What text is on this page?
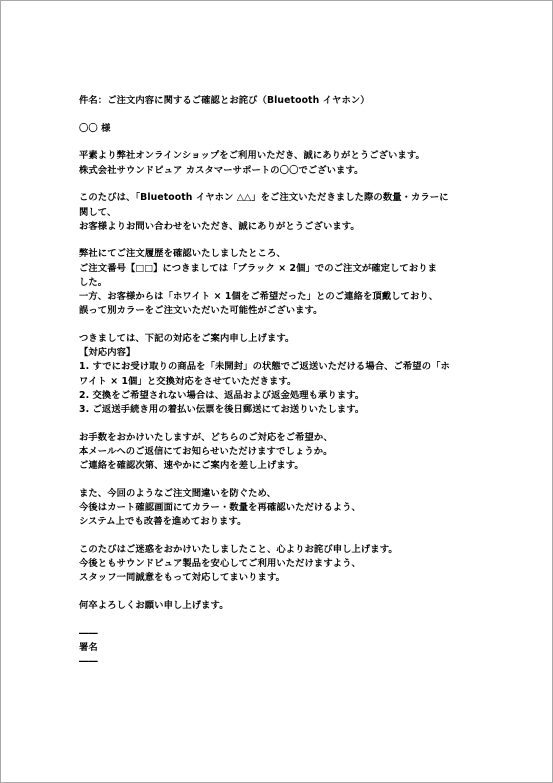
件名：ご注文内容に関するご確認とお詫び（Bluetooth イヤホン）
〇〇 様
平素より弊社オンラインショップをご利用いただき、誠にありがとうございます。
株式会社サウンドピュア カスタマーサポートの〇〇でございます。
このたびは、「Bluetooth イヤホン △△」をご注文いただきました際の数量・カラーに
関して、
お客様よりお問い合わせをいただき、誠にありがとうございます。
弊社にてご注文履歴を確認いたしましたところ、
ご注文番号【□□】につきましては「ブラック × 2個」でのご注文が確定しておりま
した。
一方、お客様からは「ホワイト × 1個をご希望だった」とのご連絡を頂戴しており、
誤って別カラーをご注文いただいた可能性がございます。
つきましては、下記の対応をご案内申し上げます。
【対応内容】
1. すでにお受け取りの商品を「未開封」の状態でご返送いただける場合、ご希望の「ホ
ワイト × 1個」と交換対応をさせていただきます。
2. 交換をご希望されない場合は、返品および返金処理も承ります。
3. ご返送手続き用の着払い伝票を後日郵送にてお送りいたします。
お手数をおかけいたしますが、どちらのご対応をご希望か、
本メールへのご返信にてお知らせいただけますでしょうか。
ご連絡を確認次第、速やかにご案内を差し上げます。
また、今回のようなご注文間違いを防ぐため、
今後はカート確認画面にてカラー・数量を再確認いただけるよう、
システム上でも改善を進めております。
このたびはご迷惑をおかけいたしましたこと、心よりお詫び申し上げます。
今後ともサウンドピュア製品を安心してご利用いただけますよう、
スタッフ一同誠意をもって対応してまいります。
何卒よろしくお願い申し上げます。
――
署名
――
